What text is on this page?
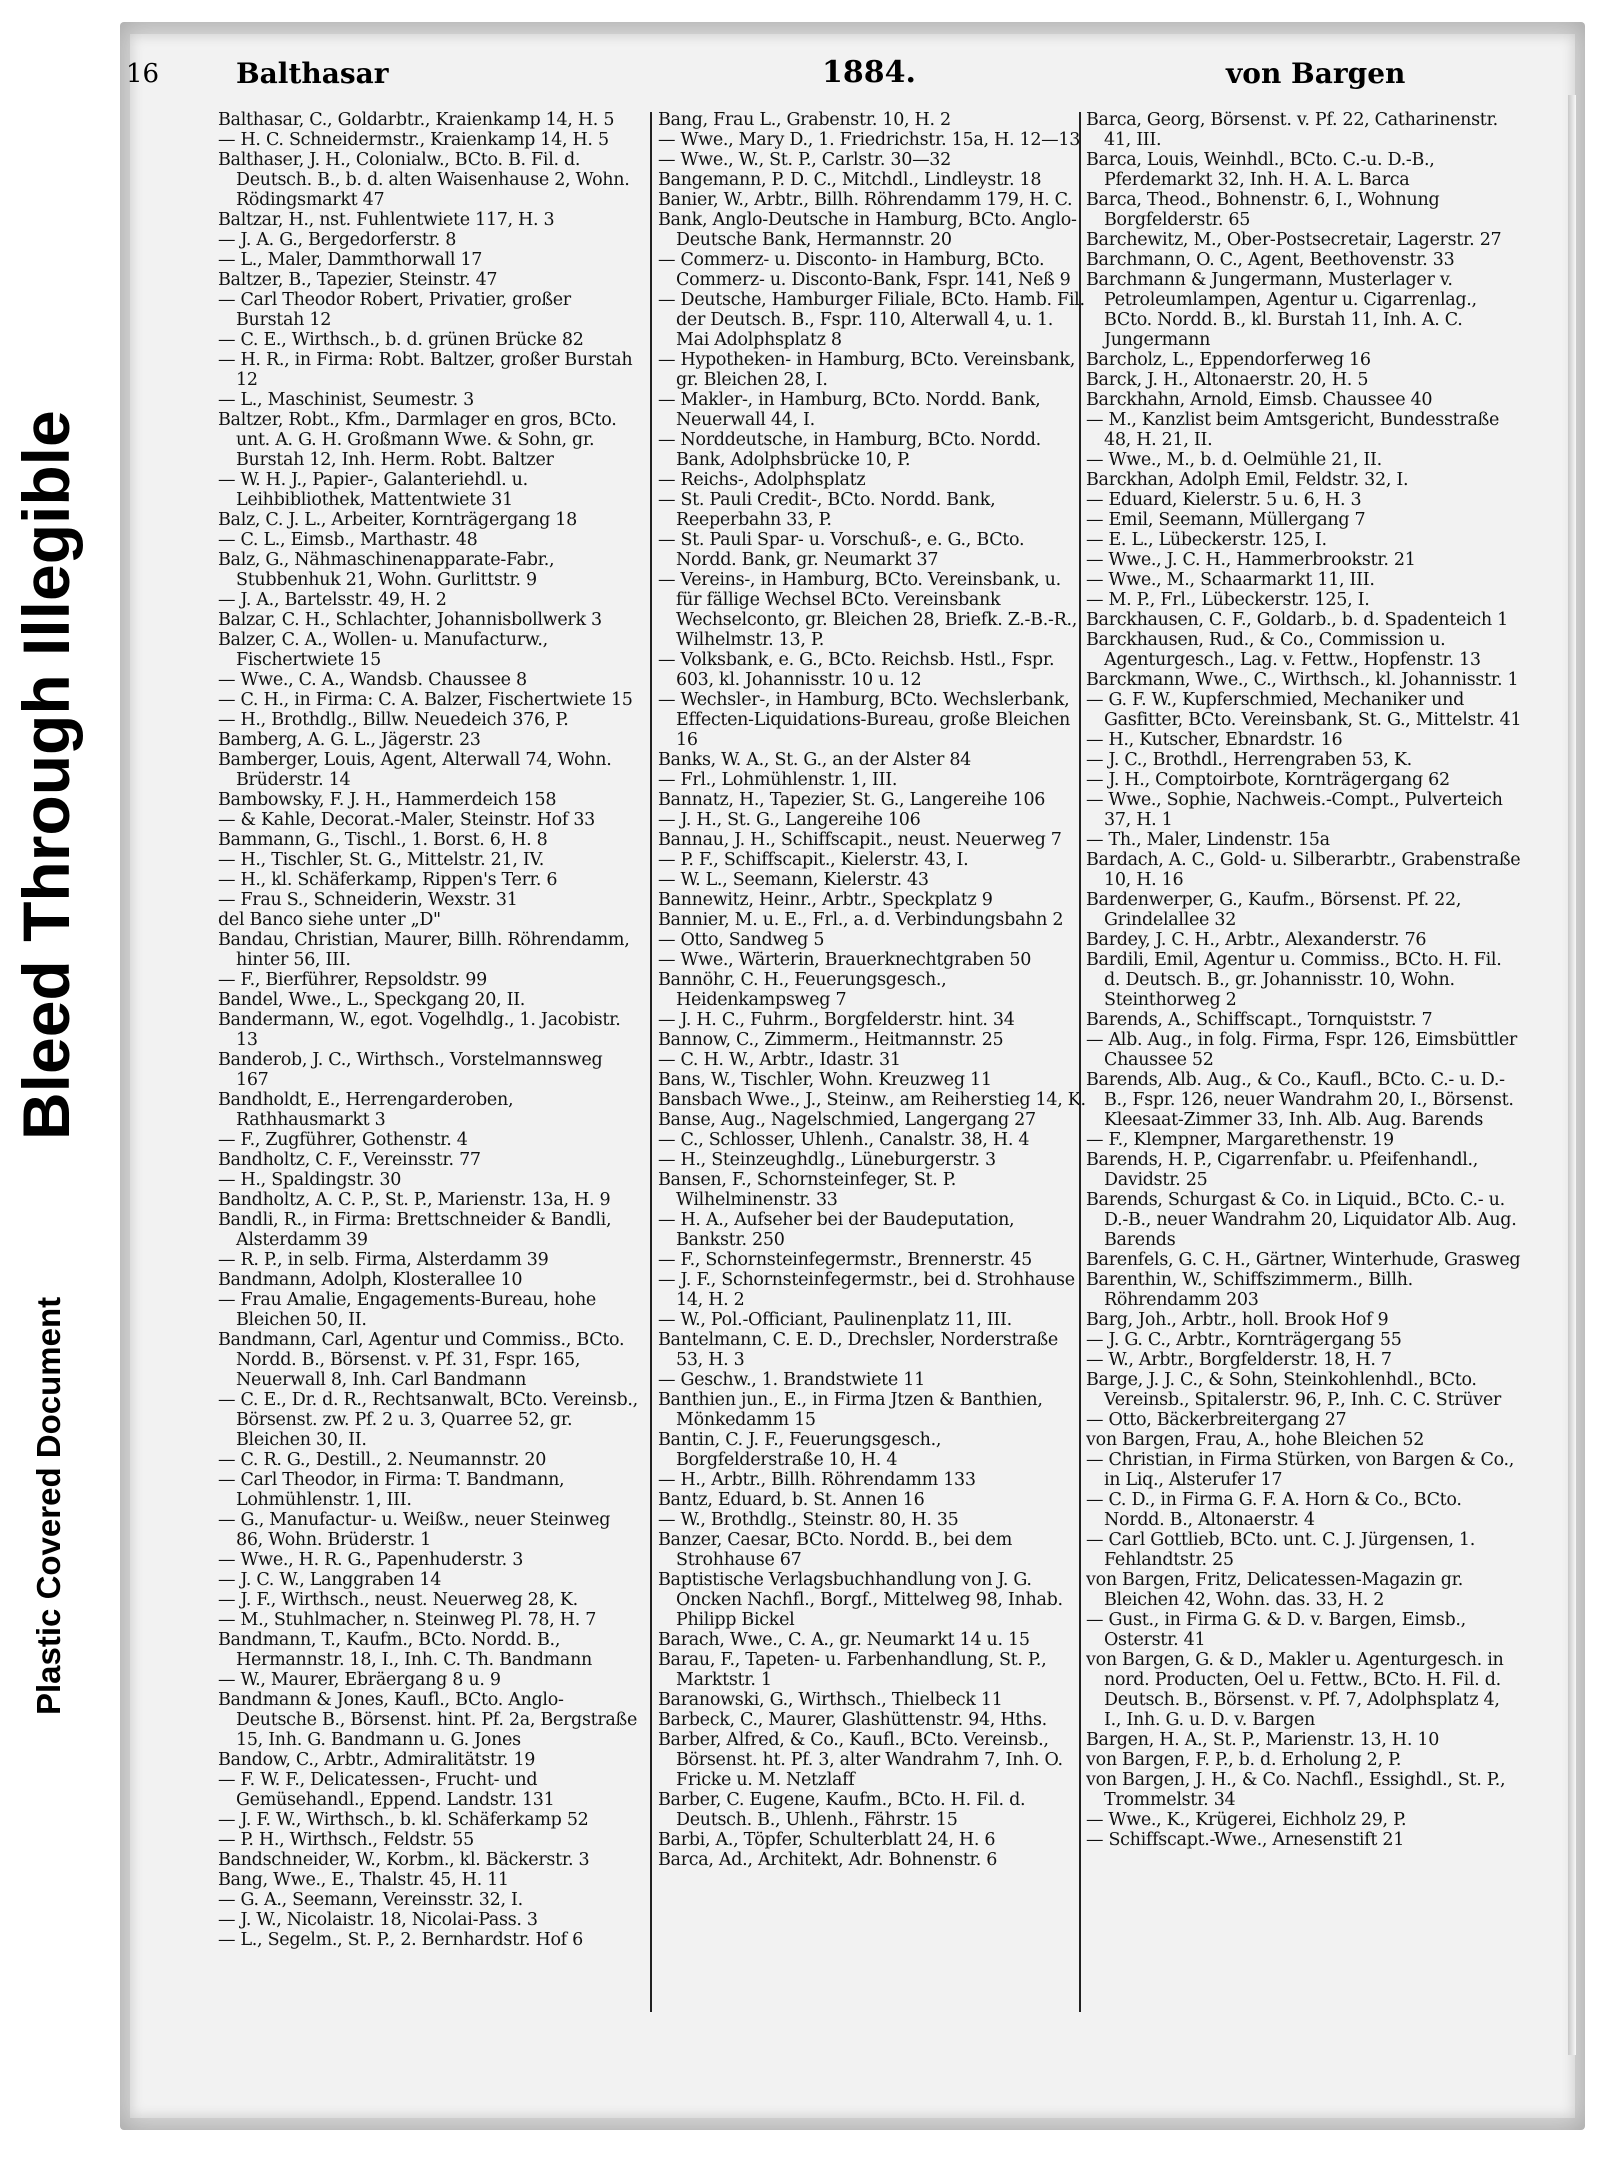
Bleed Through Illegible
Plastic Covered Document
16	Balthasar	1884.	von Bargen
Balthasar, C., Goldarbtr., Kraienkamp 14, H. 5
— H. C. Schneidermstr., Kraienkamp 14, H. 5
Balthaser, J. H., Colonialw., BCto. B. Fil. d. Deutsch. B., b. d. alten Waisenhause 2, Wohn. Rödingsmarkt 47
Baltzar, H., nst. Fuhlentwiete 117, H. 3
— J. A. G., Bergedorferstr. 8
— L., Maler, Dammthorwall 17
Baltzer, B., Tapezier, Steinstr. 47
— Carl Theodor Robert, Privatier, großer Burstah 12
— C. E., Wirthsch., b. d. grünen Brücke 82
— H. R., in Firma: Robt. Baltzer, großer Burstah 12
— L., Maschinist, Seumestr. 3
Baltzer, Robt., Kfm., Darmlager en gros, BCto. unt. A. G. H. Großmann Wwe. & Sohn, gr. Burstah 12, Inh. Herm. Robt. Baltzer
— W. H. J., Papier-, Galanteriehdl. u. Leihbibliothek, Mattentwiete 31
Balz, C. J. L., Arbeiter, Kornträgergang 18
— C. L., Eimsb., Marthastr. 48
Balz, G., Nähmaschinenapparate-Fabr., Stubbenhuk 21, Wohn. Gurlittstr. 9
— J. A., Bartelsstr. 49, H. 2
Balzar, C. H., Schlachter, Johannisbollwerk 3
Balzer, C. A., Wollen- u. Manufacturw., Fischertwiete 15
— Wwe., C. A., Wandsb. Chaussee 8
— C. H., in Firma: C. A. Balzer, Fischertwiete 15
— H., Brothdlg., Billw. Neuedeich 376, P.
Bamberg, A. G. L., Jägerstr. 23
Bamberger, Louis, Agent, Alterwall 74, Wohn. Brüderstr. 14
Bambowsky, F. J. H., Hammerdeich 158
— & Kahle, Decorat.-Maler, Steinstr. Hof 33
Bammann, G., Tischl., 1. Borst. 6, H. 8
— H., Tischler, St. G., Mittelstr. 21, IV.
— H., kl. Schäferkamp, Rippen's Terr. 6
— Frau S., Schneiderin, Wexstr. 31
del Banco siehe unter „D"
Bandau, Christian, Maurer, Billh. Röhrendamm, hinter 56, III.
— F., Bierführer, Repsoldstr. 99
Bandel, Wwe., L., Speckgang 20, II.
Bandermann, W., egot. Vogelhdlg., 1. Jacobistr. 13
Banderob, J. C., Wirthsch., Vorstelmannsweg 167
Bandholdt, E., Herrengarderoben, Rathhausmarkt 3
— F., Zugführer, Gothenstr. 4
Bandholtz, C. F., Vereinsstr. 77
— H., Spaldingstr. 30
Bandholtz, A. C. P., St. P., Marienstr. 13a, H. 9
Bandli, R., in Firma: Brettschneider & Bandli, Alsterdamm 39
— R. P., in selb. Firma, Alsterdamm 39
Bandmann, Adolph, Klosterallee 10
— Frau Amalie, Engagements-Bureau, hohe Bleichen 50, II.
Bandmann, Carl, Agentur und Commiss., BCto. Nordd. B., Börsenst. v. Pf. 31, Fspr. 165, Neuerwall 8, Inh. Carl Bandmann
— C. E., Dr. d. R., Rechtsanwalt, BCto. Vereinsb., Börsenst. zw. Pf. 2 u. 3, Quarree 52, gr. Bleichen 30, II.
— C. R. G., Destill., 2. Neumannstr. 20
— Carl Theodor, in Firma: T. Bandmann, Lohmühlenstr. 1, III.
— G., Manufactur- u. Weißw., neuer Steinweg 86, Wohn. Brüderstr. 1
— Wwe., H. R. G., Papenhuderstr. 3
— J. C. W., Langgraben 14
— J. F., Wirthsch., neust. Neuerweg 28, K.
— M., Stuhlmacher, n. Steinweg Pl. 78, H. 7
Bandmann, T., Kaufm., BCto. Nordd. B., Hermannstr. 18, I., Inh. C. Th. Bandmann
— W., Maurer, Ebräergang 8 u. 9
Bandmann & Jones, Kaufl., BCto. Anglo-Deutsche B., Börsenst. hint. Pf. 2a, Bergstraße 15, Inh. G. Bandmann u. G. Jones
Bandow, C., Arbtr., Admiralitätstr. 19
— F. W. F., Delicatessen-, Frucht- und Gemüsehandl., Eppend. Landstr. 131
— J. F. W., Wirthsch., b. kl. Schäferkamp 52
— P. H., Wirthsch., Feldstr. 55
Bandschneider, W., Korbm., kl. Bäckerstr. 3
Bang, Wwe., E., Thalstr. 45, H. 11
— G. A., Seemann, Vereinsstr. 32, I.
— J. W., Nicolaistr. 18, Nicolai-Pass. 3
— L., Segelm., St. P., 2. Bernhardstr. Hof 6
Bang, Frau L., Grabenstr. 10, H. 2
— Wwe., Mary D., 1. Friedrichstr. 15a, H. 12—13
— Wwe., W., St. P., Carlstr. 30—32
Bangemann, P. D. C., Mitchdl., Lindleystr. 18
Banier, W., Arbtr., Billh. Röhrendamm 179, H. C.
Bank, Anglo-Deutsche in Hamburg, BCto. Anglo-Deutsche Bank, Hermannstr. 20
— Commerz- u. Disconto- in Hamburg, BCto. Commerz- u. Disconto-Bank, Fspr. 141, Neß 9
— Deutsche, Hamburger Filiale, BCto. Hamb. Fil. der Deutsch. B., Fspr. 110, Alterwall 4, u. 1. Mai Adolphsplatz 8
— Hypotheken- in Hamburg, BCto. Vereinsbank, gr. Bleichen 28, I.
— Makler-, in Hamburg, BCto. Nordd. Bank, Neuerwall 44, I.
— Norddeutsche, in Hamburg, BCto. Nordd. Bank, Adolphsbrücke 10, P.
— Reichs-, Adolphsplatz
— St. Pauli Credit-, BCto. Nordd. Bank, Reeperbahn 33, P.
— St. Pauli Spar- u. Vorschuß-, e. G., BCto. Nordd. Bank, gr. Neumarkt 37
— Vereins-, in Hamburg, BCto. Vereinsbank, u. für fällige Wechsel BCto. Vereinsbank Wechselconto, gr. Bleichen 28, Briefk. Z.-B.-R., Wilhelmstr. 13, P.
— Volksbank, e. G., BCto. Reichsb. Hstl., Fspr. 603, kl. Johannisstr. 10 u. 12
— Wechsler-, in Hamburg, BCto. Wechslerbank, Effecten-Liquidations-Bureau, große Bleichen 16
Banks, W. A., St. G., an der Alster 84
— Frl., Lohmühlenstr. 1, III.
Bannatz, H., Tapezier, St. G., Langereihe 106
— J. H., St. G., Langereihe 106
Bannau, J. H., Schiffscapit., neust. Neuerweg 7
— P. F., Schiffscapit., Kielerstr. 43, I.
— W. L., Seemann, Kielerstr. 43
Bannewitz, Heinr., Arbtr., Speckplatz 9
Bannier, M. u. E., Frl., a. d. Verbindungsbahn 2
— Otto, Sandweg 5
— Wwe., Wärterin, Brauerknechtgraben 50
Bannöhr, C. H., Feuerungsgesch., Heidenkampsweg 7
— J. H. C., Fuhrm., Borgfelderstr. hint. 34
Bannow, C., Zimmerm., Heitmannstr. 25
— C. H. W., Arbtr., Idastr. 31
Bans, W., Tischler, Wohn. Kreuzweg 11
Bansbach Wwe., J., Steinw., am Reiherstieg 14, K.
Banse, Aug., Nagelschmied, Langergang 27
— C., Schlosser, Uhlenh., Canalstr. 38, H. 4
— H., Steinzeughdlg., Lüneburgerstr. 3
Bansen, F., Schornsteinfeger, St. P. Wilhelminenstr. 33
— H. A., Aufseher bei der Baudeputation, Bankstr. 250
— F., Schornsteinfegermstr., Brennerstr. 45
— J. F., Schornsteinfegermstr., bei d. Strohhause 14, H. 2
— W., Pol.-Officiant, Paulinenplatz 11, III.
Bantelmann, C. E. D., Drechsler, Norderstraße 53, H. 3
— Geschw., 1. Brandstwiete 11
Banthien jun., E., in Firma Jtzen & Banthien, Mönkedamm 15
Bantin, C. J. F., Feuerungsgesch., Borgfelderstraße 10, H. 4
— H., Arbtr., Billh. Röhrendamm 133
Bantz, Eduard, b. St. Annen 16
— W., Brothdlg., Steinstr. 80, H. 35
Banzer, Caesar, BCto. Nordd. B., bei dem Strohhause 67
Baptistische Verlagsbuchhandlung von J. G. Oncken Nachfl., Borgf., Mittelweg 98, Inhab. Philipp Bickel
Barach, Wwe., C. A., gr. Neumarkt 14 u. 15
Barau, F., Tapeten- u. Farbenhandlung, St. P., Marktstr. 1
Baranowski, G., Wirthsch., Thielbeck 11
Barbeck, C., Maurer, Glashüttenstr. 94, Hths.
Barber, Alfred, & Co., Kaufl., BCto. Vereinsb., Börsenst. ht. Pf. 3, alter Wandrahm 7, Inh. O. Fricke u. M. Netzlaff
Barber, C. Eugene, Kaufm., BCto. H. Fil. d. Deutsch. B., Uhlenh., Fährstr. 15
Barbi, A., Töpfer, Schulterblatt 24, H. 6
Barca, Ad., Architekt, Adr. Bohnenstr. 6
Barca, Georg, Börsenst. v. Pf. 22, Catharinenstr. 41, III.
Barca, Louis, Weinhdl., BCto. C.-u. D.-B., Pferdemarkt 32, Inh. H. A. L. Barca
Barca, Theod., Bohnenstr. 6, I., Wohnung Borgfelderstr. 65
Barchewitz, M., Ober-Postsecretair, Lagerstr. 27
Barchmann, O. C., Agent, Beethovenstr. 33
Barchmann & Jungermann, Musterlager v. Petroleumlampen, Agentur u. Cigarrenlag., BCto. Nordd. B., kl. Burstah 11, Inh. A. C. Jungermann
Barcholz, L., Eppendorferweg 16
Barck, J. H., Altonaerstr. 20, H. 5
Barckhahn, Arnold, Eimsb. Chaussee 40
— M., Kanzlist beim Amtsgericht, Bundesstraße 48, H. 21, II.
— Wwe., M., b. d. Oelmühle 21, II.
Barckhan, Adolph Emil, Feldstr. 32, I.
— Eduard, Kielerstr. 5 u. 6, H. 3
— Emil, Seemann, Müllergang 7
— E. L., Lübeckerstr. 125, I.
— Wwe., J. C. H., Hammerbrookstr. 21
— Wwe., M., Schaarmarkt 11, III.
— M. P., Frl., Lübeckerstr. 125, I.
Barckhausen, C. F., Goldarb., b. d. Spadenteich 1
Barckhausen, Rud., & Co., Commission u. Agenturgesch., Lag. v. Fettw., Hopfenstr. 13
Barckmann, Wwe., C., Wirthsch., kl. Johannisstr. 1
— G. F. W., Kupferschmied, Mechaniker und Gasfitter, BCto. Vereinsbank, St. G., Mittelstr. 41
— H., Kutscher, Ebnardstr. 16
— J. C., Brothdl., Herrengraben 53, K.
— J. H., Comptoirbote, Kornträgergang 62
— Wwe., Sophie, Nachweis.-Compt., Pulverteich 37, H. 1
— Th., Maler, Lindenstr. 15a
Bardach, A. C., Gold- u. Silberarbtr., Grabenstraße 10, H. 16
Bardenwerper, G., Kaufm., Börsenst. Pf. 22, Grindelallee 32
Bardey, J. C. H., Arbtr., Alexanderstr. 76
Bardili, Emil, Agentur u. Commiss., BCto. H. Fil. d. Deutsch. B., gr. Johannisstr. 10, Wohn. Steinthorweg 2
Barends, A., Schiffscapt., Tornquiststr. 7
— Alb. Aug., in folg. Firma, Fspr. 126, Eimsbüttler Chaussee 52
Barends, Alb. Aug., & Co., Kaufl., BCto. C.- u. D.-B., Fspr. 126, neuer Wandrahm 20, I., Börsenst. Kleesaat-Zimmer 33, Inh. Alb. Aug. Barends
— F., Klempner, Margarethenstr. 19
Barends, H. P., Cigarrenfabr. u. Pfeifenhandl., Davidstr. 25
Barends, Schurgast & Co. in Liquid., BCto. C.- u. D.-B., neuer Wandrahm 20, Liquidator Alb. Aug. Barends
Barenfels, G. C. H., Gärtner, Winterhude, Grasweg
Barenthin, W., Schiffszimmerm., Billh. Röhrendamm 203
Barg, Joh., Arbtr., holl. Brook Hof 9
— J. G. C., Arbtr., Kornträgergang 55
— W., Arbtr., Borgfelderstr. 18, H. 7
Barge, J. J. C., & Sohn, Steinkohlenhdl., BCto. Vereinsb., Spitalerstr. 96, P., Inh. C. C. Strüver
— Otto, Bäckerbreitergang 27
von Bargen, Frau, A., hohe Bleichen 52
— Christian, in Firma Stürken, von Bargen & Co., in Liq., Alsterufer 17
— C. D., in Firma G. F. A. Horn & Co., BCto. Nordd. B., Altonaerstr. 4
— Carl Gottlieb, BCto. unt. C. J. Jürgensen, 1. Fehlandtstr. 25
von Bargen, Fritz, Delicatessen-Magazin gr. Bleichen 42, Wohn. das. 33, H. 2
— Gust., in Firma G. & D. v. Bargen, Eimsb., Osterstr. 41
von Bargen, G. & D., Makler u. Agenturgesch. in nord. Producten, Oel u. Fettw., BCto. H. Fil. d. Deutsch. B., Börsenst. v. Pf. 7, Adolphsplatz 4, I., Inh. G. u. D. v. Bargen
Bargen, H. A., St. P., Marienstr. 13, H. 10
von Bargen, F. P., b. d. Erholung 2, P.
von Bargen, J. H., & Co. Nachfl., Essighdl., St. P., Trommelstr. 34
— Wwe., K., Krügerei, Eichholz 29, P.
— Schiffscapt.-Wwe., Arnesenstift 21
